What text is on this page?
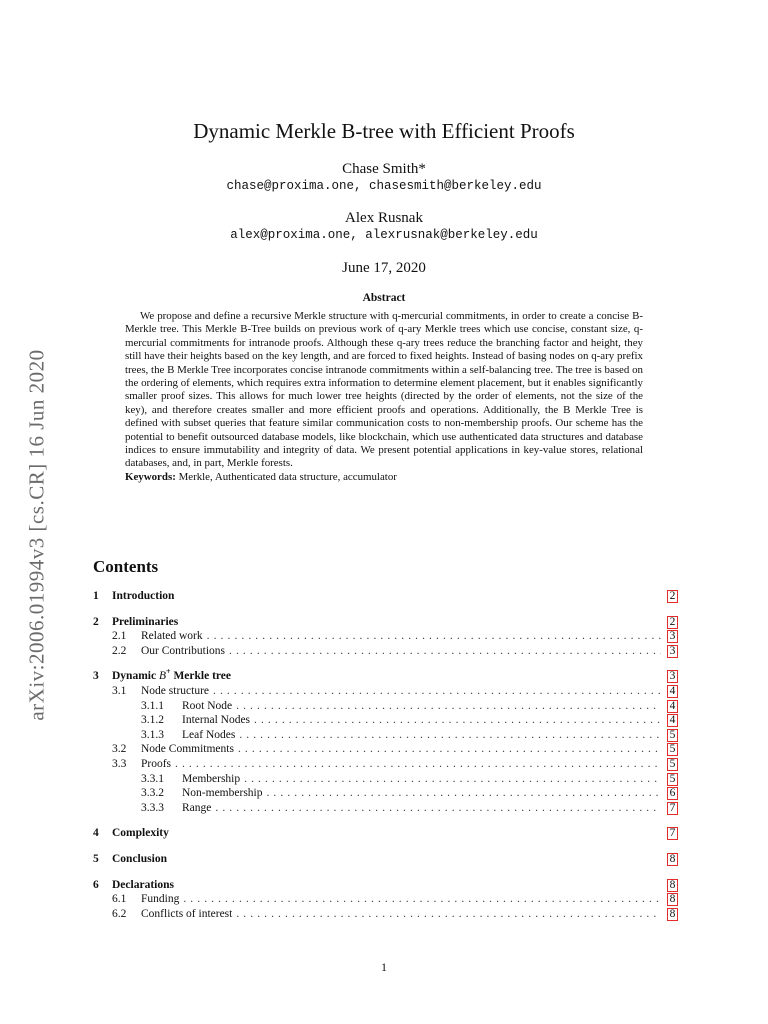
arXiv:2006.01994v3 [cs.CR] 16 Jun 2020
Dynamic Merkle B-tree with Efficient Proofs
Chase Smith*
chase@proxima.one, chasesmith@berkeley.edu
Alex Rusnak
alex@proxima.one, alexrusnak@berkeley.edu
June 17, 2020
Abstract

We propose and define a recursive Merkle structure with q-mercurial commitments, in order to create a concise B-Merkle tree. This Merkle B-Tree builds on previous work of q-ary Merkle trees which use concise, constant size, q-mercurial commitments for intranode proofs. Although these q-ary trees reduce the branching factor and height, they still have their heights based on the key length, and are forced to fixed heights. Instead of basing nodes on q-ary prefix trees, the B Merkle Tree incorporates concise intranode commitments within a self-balancing tree. The tree is based on the ordering of elements, which requires extra information to determine element placement, but it enables significantly smaller proof sizes. This allows for much lower tree heights (directed by the order of elements, not the size of the key), and therefore creates smaller and more efficient proofs and operations. Additionally, the B Merkle Tree is defined with subset queries that feature similar communication costs to non-membership proofs. Our scheme has the potential to benefit outsourced database models, like blockchain, which use authenticated data structures and database indices to ensure immutability and integrity of data. We present potential applications in key-value stores, relational databases, and, in part, Merkle forests.

Keywords: Merkle, Authenticated data structure, accumulator
Contents
1	Introduction	2
2	Preliminaries	2
2.1	Related work . . .	3
2.2	Our Contributions . . .	3
3	Dynamic B+ Merkle tree	3
3.1	Node structure . . .	4
3.1.1	Root Node . . .	4
3.1.2	Internal Nodes . . .	4
3.1.3	Leaf Nodes . . .	5
3.2	Node Commitments . . .	5
3.3	Proofs . . .	5
3.3.1	Membership . . .	5
3.3.2	Non-membership . . .	6
3.3.3	Range . . .	7
4	Complexity	7
5	Conclusion	8
6	Declarations	8
6.1	Funding . . .	8
6.2	Conflicts of interest . . .	8
1
